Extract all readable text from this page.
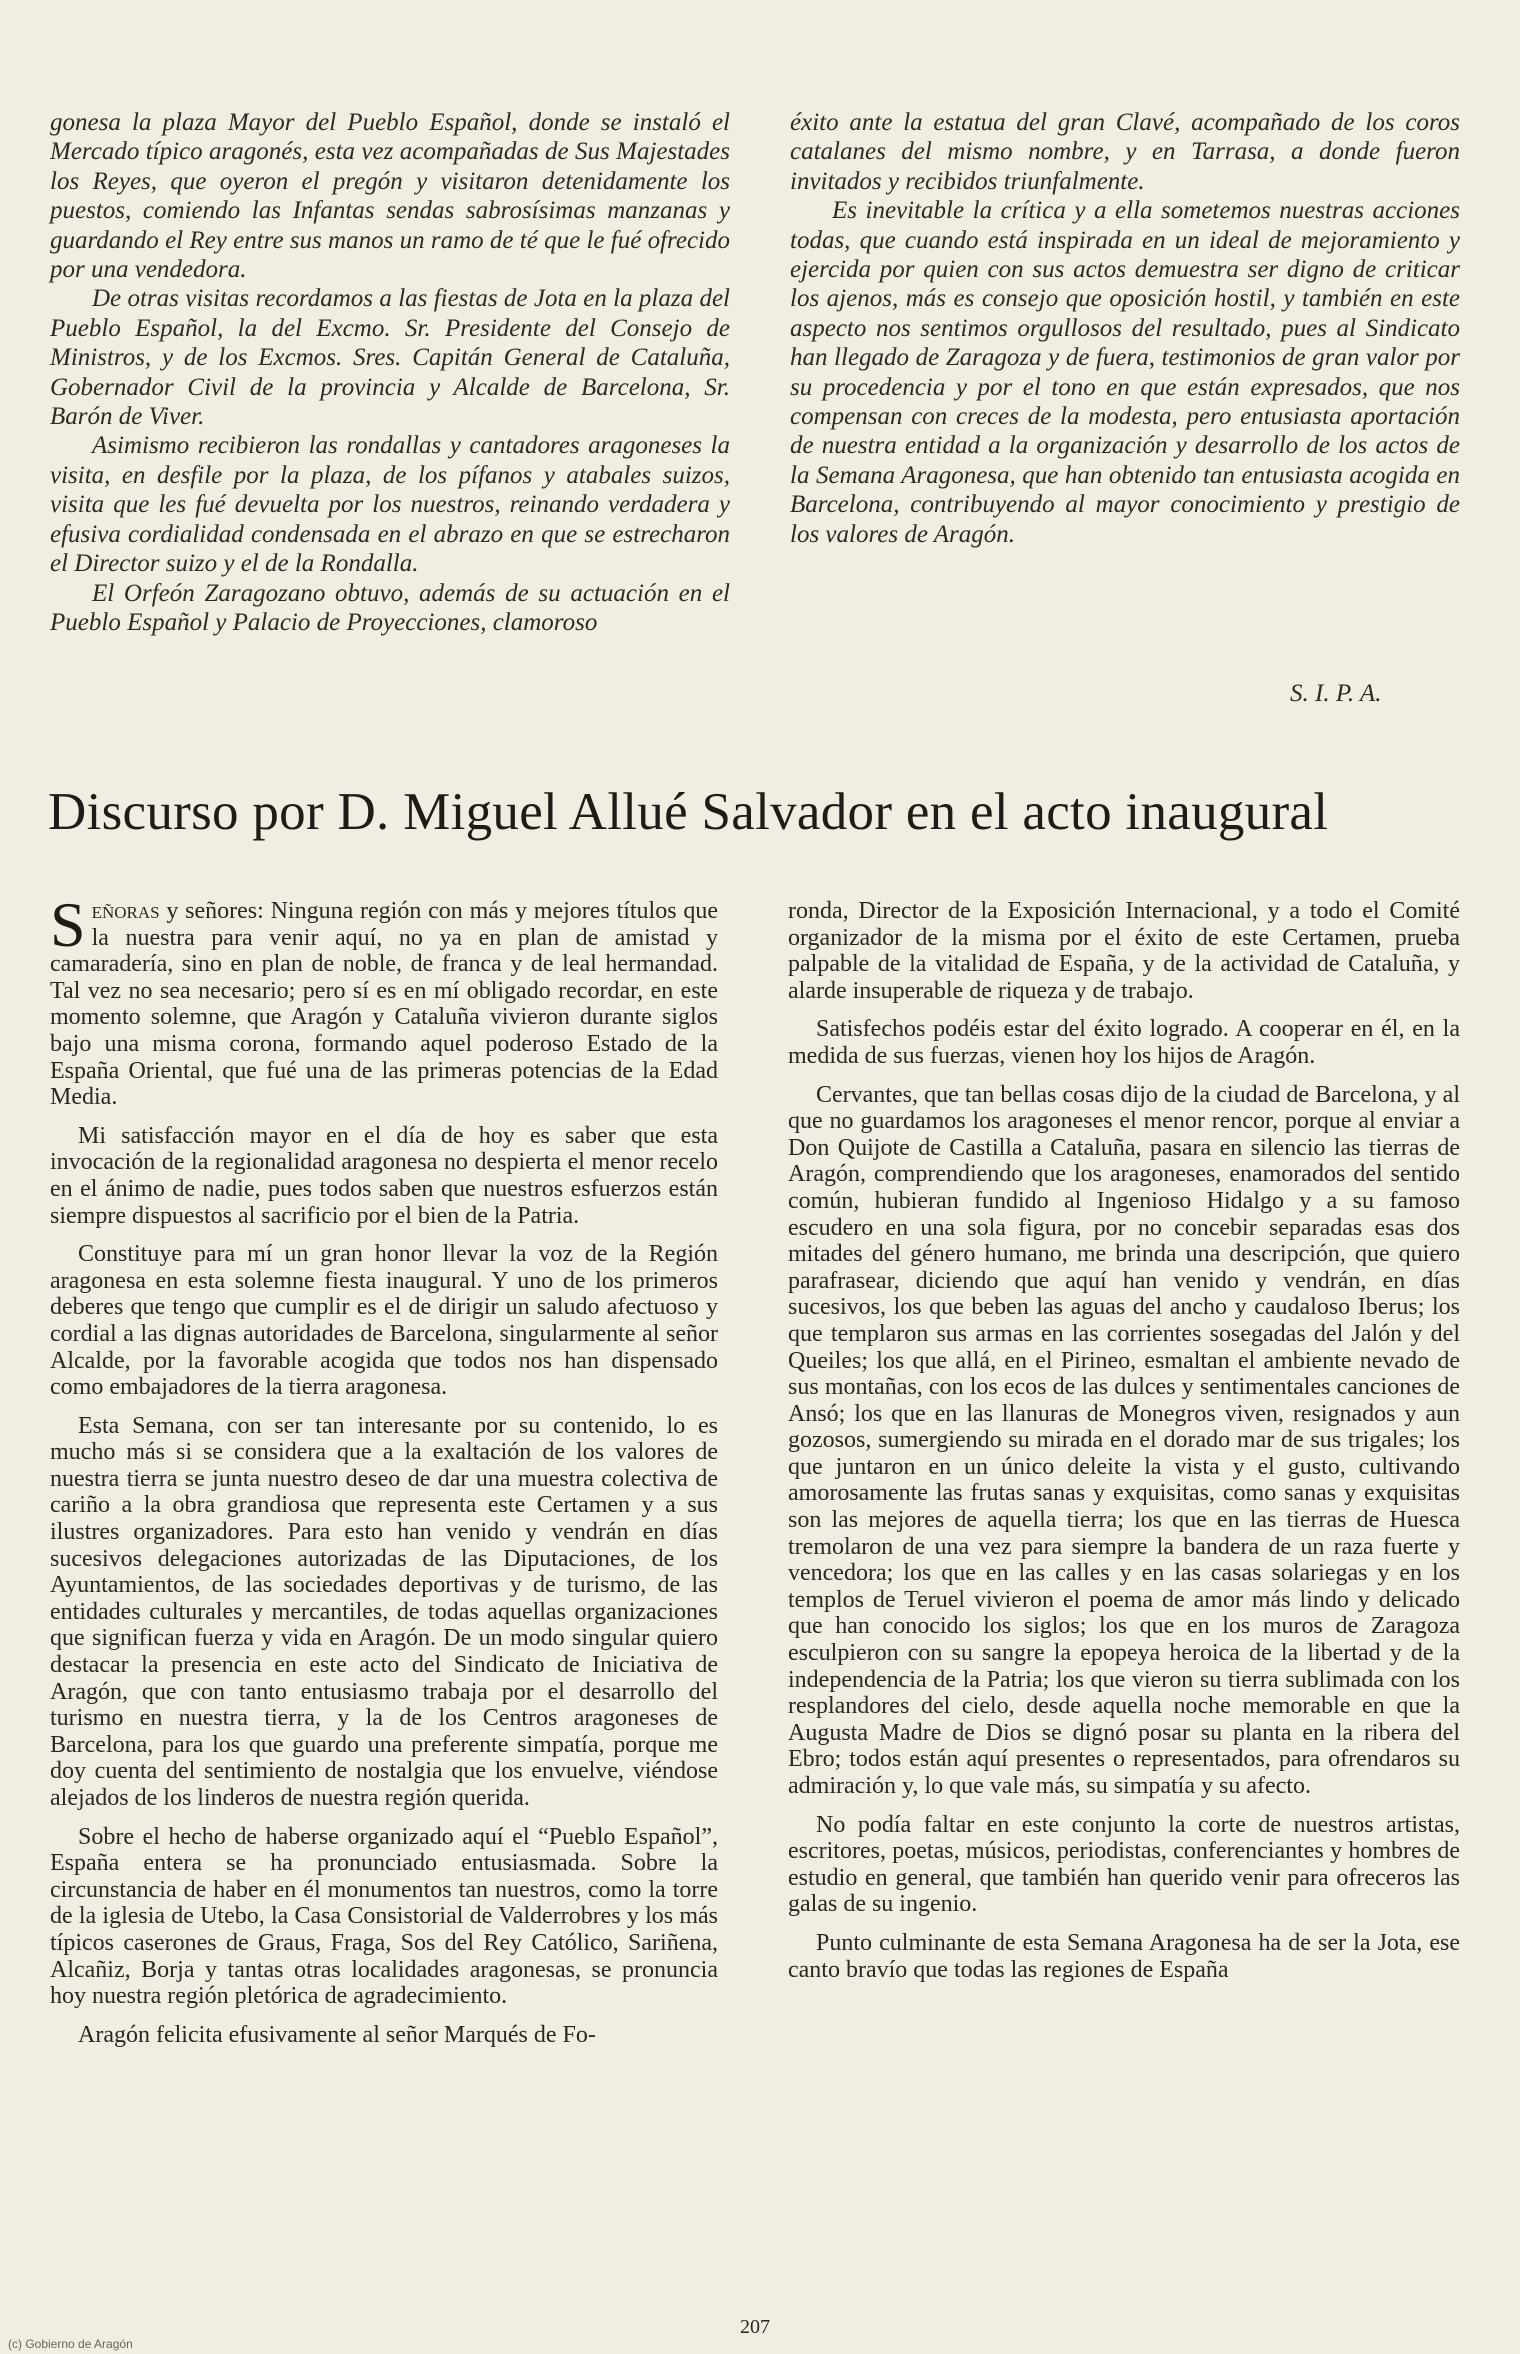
gonesa la plaza Mayor del Pueblo Español, donde se instaló el Mercado típico aragonés, esta vez acompañadas de Sus Majestades los Reyes, que oyeron el pregón y visitaron detenidamente los puestos, comiendo las Infantas sendas sabrosísimas manzanas y guardando el Rey entre sus manos un ramo de té que le fué ofrecido por una vendedora.

De otras visitas recordamos a las fiestas de Jota en la plaza del Pueblo Español, la del Excmo. Sr. Presidente del Consejo de Ministros, y de los Excmos. Sres. Capitán General de Cataluña, Gobernador Civil de la provincia y Alcalde de Barcelona, Sr. Barón de Viver.

Asimismo recibieron las rondallas y cantadores aragoneses la visita, en desfile por la plaza, de los pífanos y atabales suizos, visita que les fué devuelta por los nuestros, reinando verdadera y efusiva cordialidad condensada en el abrazo en que se estrecharon el Director suizo y el de la Rondalla.

El Orfeón Zaragozano obtuvo, además de su actuación en el Pueblo Español y Palacio de Proyecciones, clamoroso

éxito ante la estatua del gran Clavé, acompañado de los coros catalanes del mismo nombre, y en Tarrasa, a donde fueron invitados y recibidos triunfalmente.

Es inevitable la crítica y a ella sometemos nuestras acciones todas, que cuando está inspirada en un ideal de mejoramiento y ejercida por quien con sus actos demuestra ser digno de criticar los ajenos, más es consejo que oposición hostil, y también en este aspecto nos sentimos orgullosos del resultado, pues al Sindicato han llegado de Zaragoza y de fuera, testimonios de gran valor por su procedencia y por el tono en que están expresados, que nos compensan con creces de la modesta, pero entusiasta aportación de nuestra entidad a la organización y desarrollo de los actos de la Semana Aragonesa, que han obtenido tan entusiasta acogida en Barcelona, contribuyendo al mayor conocimiento y prestigio de los valores de Aragón.

S. I. P. A.
Discurso por D. Miguel Allué Salvador en el acto inaugural

Señoras y señores: Ninguna región con más y mejores títulos que la nuestra para venir aquí, no ya en plan de amistad y camaradería, sino en plan de noble, de franca y de leal hermandad. Tal vez no sea necesario; pero sí es en mí obligado recordar, en este momento solemne, que Aragón y Cataluña vivieron durante siglos bajo una misma corona, formando aquel poderoso Estado de la España Oriental, que fué una de las primeras potencias de la Edad Media.

Mi satisfacción mayor en el día de hoy es saber que esta invocación de la regionalidad aragonesa no despierta el menor recelo en el ánimo de nadie, pues todos saben que nuestros esfuerzos están siempre dispuestos al sacrificio por el bien de la Patria.

Constituye para mí un gran honor llevar la voz de la Región aragonesa en esta solemne fiesta inaugural. Y uno de los primeros deberes que tengo que cumplir es el de dirigir un saludo afectuoso y cordial a las dignas autoridades de Barcelona, singularmente al señor Alcalde, por la favorable acogida que todos nos han dispensado como embajadores de la tierra aragonesa.

Esta Semana, con ser tan interesante por su contenido, lo es mucho más si se considera que a la exaltación de los valores de nuestra tierra se junta nuestro deseo de dar una muestra colectiva de cariño a la obra grandiosa que representa este Certamen y a sus ilustres organizadores. Para esto han venido y vendrán en días sucesivos delegaciones autorizadas de las Diputaciones, de los Ayuntamientos, de las sociedades deportivas y de turismo, de las entidades culturales y mercantiles, de todas aquellas organizaciones que significan fuerza y vida en Aragón. De un modo singular quiero destacar la presencia en este acto del Sindicato de Iniciativa de Aragón, que con tanto entusiasmo trabaja por el desarrollo del turismo en nuestra tierra, y la de los Centros aragoneses de Barcelona, para los que guardo una preferente simpatía, porque me doy cuenta del sentimiento de nostalgia que los envuelve, viéndose alejados de los linderos de nuestra región querida.

Sobre el hecho de haberse organizado aquí el “Pueblo Español”, España entera se ha pronunciado entusiasmada. Sobre la circunstancia de haber en él monumentos tan nuestros, como la torre de la iglesia de Utebo, la Casa Consistorial de Valderrobres y los más típicos caserones de Graus, Fraga, Sos del Rey Católico, Sariñena, Alcañiz, Borja y tantas otras localidades aragonesas, se pronuncia hoy nuestra región pletórica de agradecimiento.

Aragón felicita efusivamente al señor Marqués de Fo-

ronda, Director de la Exposición Internacional, y a todo el Comité organizador de la misma por el éxito de este Certamen, prueba palpable de la vitalidad de España, y de la actividad de Cataluña, y alarde insuperable de riqueza y de trabajo.

Satisfechos podéis estar del éxito logrado. A cooperar en él, en la medida de sus fuerzas, vienen hoy los hijos de Aragón.

Cervantes, que tan bellas cosas dijo de la ciudad de Barcelona, y al que no guardamos los aragoneses el menor rencor, porque al enviar a Don Quijote de Castilla a Cataluña, pasara en silencio las tierras de Aragón, comprendiendo que los aragoneses, enamorados del sentido común, hubieran fundido al Ingenioso Hidalgo y a su famoso escudero en una sola figura, por no concebir separadas esas dos mitades del género humano, me brinda una descripción, que quiero parafrasear, diciendo que aquí han venido y vendrán, en días sucesivos, los que beben las aguas del ancho y caudaloso Iberus; los que templaron sus armas en las corrientes sosegadas del Jalón y del Queiles; los que allá, en el Pirineo, esmaltan el ambiente nevado de sus montañas, con los ecos de las dulces y sentimentales canciones de Ansó; los que en las llanuras de Monegros viven, resignados y aun gozosos, sumergiendo su mirada en el dorado mar de sus trigales; los que juntaron en un único deleite la vista y el gusto, cultivando amorosamente las frutas sanas y exquisitas, como sanas y exquisitas son las mejores de aquella tierra; los que en las tierras de Huesca tremolaron de una vez para siempre la bandera de un raza fuerte y vencedora; los que en las calles y en las casas solariegas y en los templos de Teruel vivieron el poema de amor más lindo y delicado que han conocido los siglos; los que en los muros de Zaragoza esculpieron con su sangre la epopeya heroica de la libertad y de la independencia de la Patria; los que vieron su tierra sublimada con los resplandores del cielo, desde aquella noche memorable en que la Augusta Madre de Dios se dignó posar su planta en la ribera del Ebro; todos están aquí presentes o representados, para ofrendaros su admiración y, lo que vale más, su simpatía y su afecto.

No podía faltar en este conjunto la corte de nuestros artistas, escritores, poetas, músicos, periodistas, conferenciantes y hombres de estudio en general, que también han querido venir para ofreceros las galas de su ingenio.

Punto culminante de esta Semana Aragonesa ha de ser la Jota, ese canto bravío que todas las regiones de España

207
(c) Gobierno de Aragón
